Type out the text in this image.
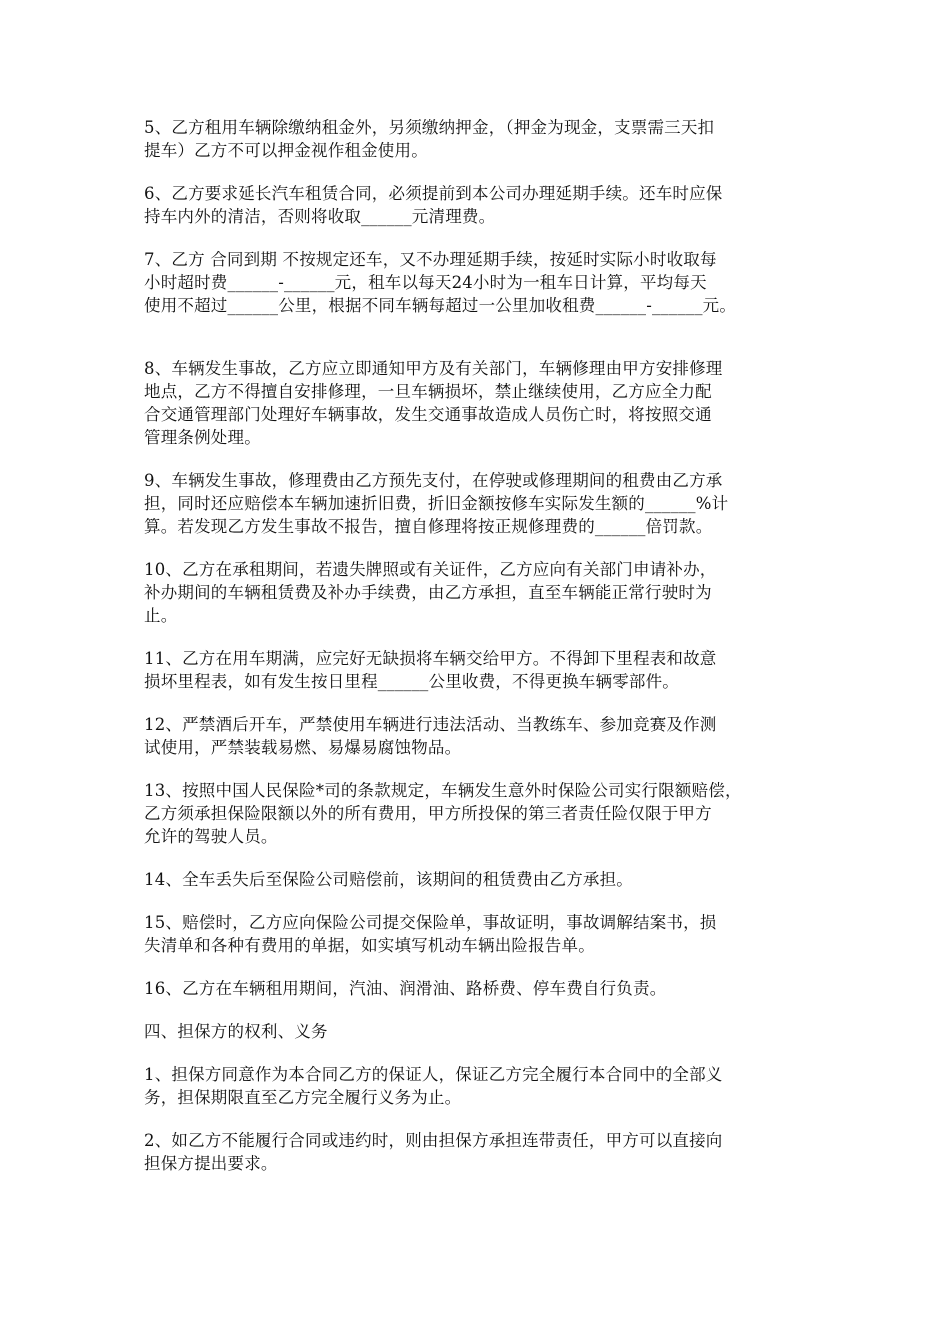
5、乙方租用车辆除缴纳租金外，另须缴纳押金，（押金为现金，支票需三天扣
提车）乙方不可以押金视作租金使用。

6、乙方要求延长汽车租赁合同，必须提前到本公司办理延期手续。还车时应保
持车内外的清洁，否则将收取______元清理费。

7、乙方 合同到期 不按规定还车，又不办理延期手续，按延时实际小时收取每
小时超时费______-______元，租车以每天24小时为一租车日计算，平均每天
使用不超过______公里，根据不同车辆每超过一公里加收租费______-______元。

8、车辆发生事故，乙方应立即通知甲方及有关部门，车辆修理由甲方安排修理
地点，乙方不得擅自安排修理，一旦车辆损坏，禁止继续使用，乙方应全力配
合交通管理部门处理好车辆事故，发生交通事故造成人员伤亡时，将按照交通
管理条例处理。

9、车辆发生事故，修理费由乙方预先支付，在停驶或修理期间的租费由乙方承
担，同时还应赔偿本车辆加速折旧费，折旧金额按修车实际发生额的______%计
算。若发现乙方发生事故不报告，擅自修理将按正规修理费的______倍罚款。

10、乙方在承租期间，若遗失牌照或有关证件，乙方应向有关部门申请补办，
补办期间的车辆租赁费及补办手续费，由乙方承担，直至车辆能正常行驶时为
止。

11、乙方在用车期满，应完好无缺损将车辆交给甲方。不得卸下里程表和故意
损坏里程表，如有发生按日里程______公里收费，不得更换车辆零部件。

12、严禁酒后开车，严禁使用车辆进行违法活动、当教练车、参加竞赛及作测
试使用，严禁装载易燃、易爆易腐蚀物品。

13、按照中国人民保险*司的条款规定，车辆发生意外时保险公司实行限额赔偿，
乙方须承担保险限额以外的所有费用，甲方所投保的第三者责任险仅限于甲方
允许的驾驶人员。

14、全车丢失后至保险公司赔偿前，该期间的租赁费由乙方承担。

15、赔偿时，乙方应向保险公司提交保险单，事故证明，事故调解结案书，损
失清单和各种有费用的单据，如实填写机动车辆出险报告单。

16、乙方在车辆租用期间，汽油、润滑油、路桥费、停车费自行负责。

四、担保方的权利、义务

1、担保方同意作为本合同乙方的保证人，保证乙方完全履行本合同中的全部义
务，担保期限直至乙方完全履行义务为止。

2、如乙方不能履行合同或违约时，则由担保方承担连带责任，甲方可以直接向
担保方提出要求。
